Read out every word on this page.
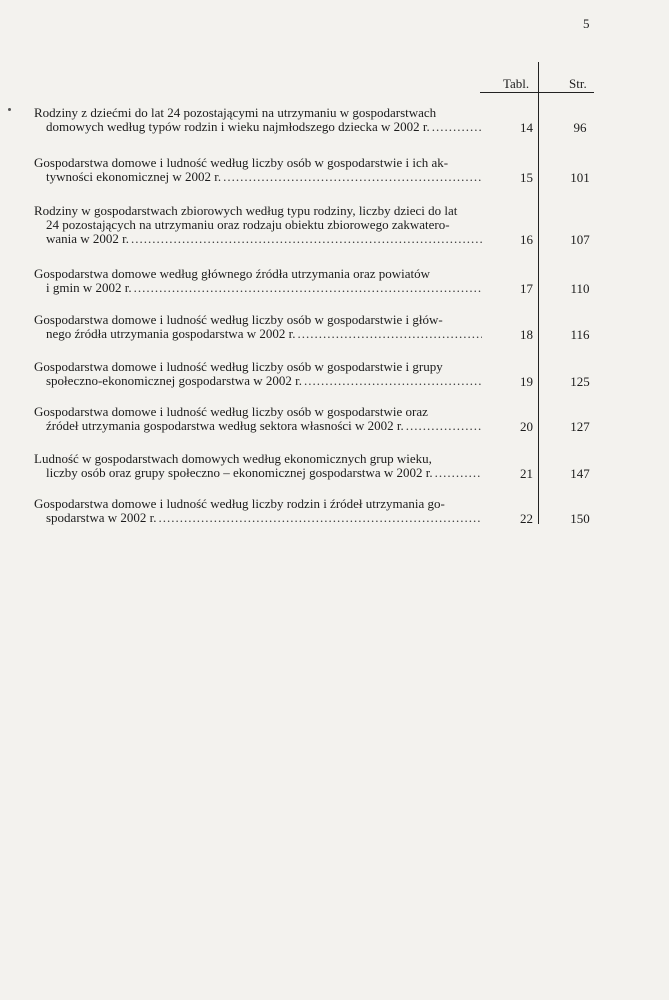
5
Tabl.	Str.
Rodziny z dziećmi do lat 24 pozostającymi na utrzymaniu w gospodarstwach
domowych według typów rodzin i wieku najmłodszego dziecka w 2002 r. .....	14	96
Gospodarstwa domowe i ludność według liczby osób w gospodarstwie i ich ak-
tywności ekonomicznej w 2002 r. .....	15	101
Rodziny w gospodarstwach zbiorowych według typu rodziny, liczby dzieci do lat
24 pozostających na utrzymaniu oraz rodzaju obiektu zbiorowego zakwatero-
wania w 2002 r. .....	16	107
Gospodarstwa domowe według głównego źródła utrzymania oraz powiatów
i gmin w 2002 r. .....	17	110
Gospodarstwa domowe i ludność według liczby osób w gospodarstwie i głów-
nego źródła utrzymania gospodarstwa w 2002 r. .....	18	116
Gospodarstwa domowe i ludność według liczby osób w gospodarstwie i grupy
społeczno-ekonomicznej gospodarstwa w 2002 r. .....	19	125
Gospodarstwa domowe i ludność według liczby osób w gospodarstwie oraz
źródeł utrzymania gospodarstwa według sektora własności w 2002 r. .....	20	127
Ludność w gospodarstwach domowych według ekonomicznych grup wieku,
liczby osób oraz grupy społeczno – ekonomicznej gospodarstwa w 2002 r. .....	21	147
Gospodarstwa domowe i ludność według liczby rodzin i źródeł utrzymania go-
spodarstwa w 2002 r. .....	22	150
